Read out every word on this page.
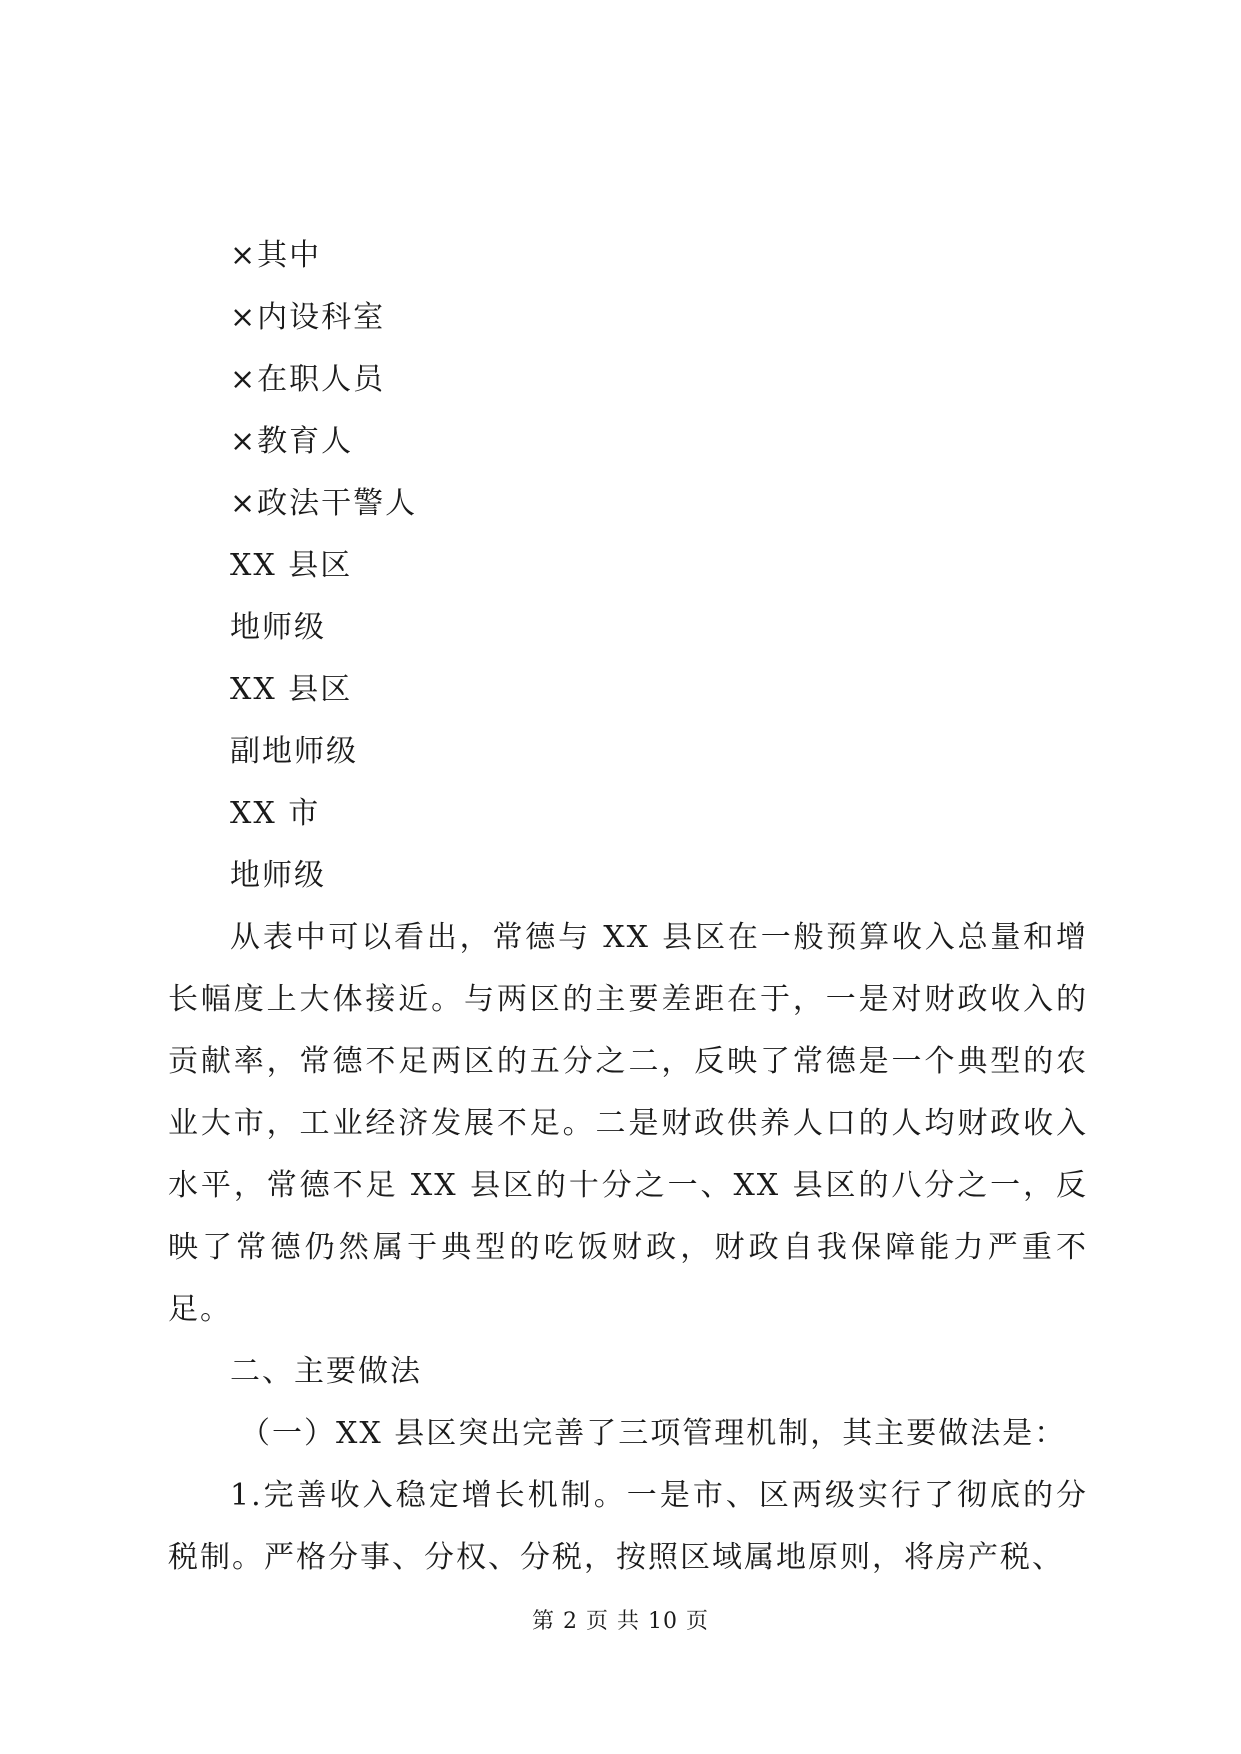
×其中
×内设科室
×在职人员
×教育人
×政法干警人
XX 县区
地师级
XX 县区
副地师级
XX 市
地师级

从表中可以看出，常德与 XX 县区在一般预算收入总量和增长幅度上大体接近。与两区的主要差距在于，一是对财政收入的贡献率，常德不足两区的五分之二，反映了常德是一个典型的农业大市，工业经济发展不足。二是财政供养人口的人均财政收入水平，常德不足 XX 县区的十分之一、XX 县区的八分之一，反映了常德仍然属于典型的吃饭财政，财政自我保障能力严重不足。

二、主要做法
（一）XX 县区突出完善了三项管理机制，其主要做法是：

1.完善收入稳定增长机制。一是市、区两级实行了彻底的分税制。严格分事、分权、分税，按照区域属地原则，将房产税、

第 2 页 共 10 页
